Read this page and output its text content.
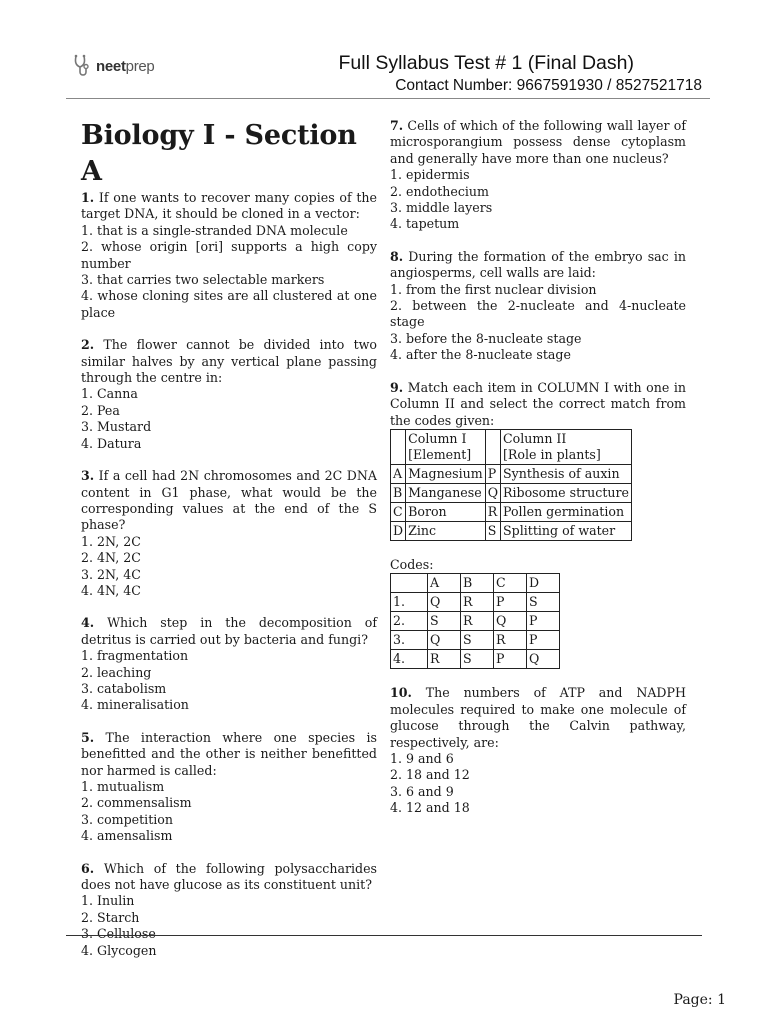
neetprep	Full Syllabus Test # 1 (Final Dash)
Contact Number: 9667591930 / 8527521718
Biology I - Section A
1. If one wants to recover many copies of the target DNA, it should be cloned in a vector:
1. that is a single-stranded DNA molecule
2. whose origin [ori] supports a high copy number
3. that carries two selectable markers
4. whose cloning sites are all clustered at one place
2. The flower cannot be divided into two similar halves by any vertical plane passing through the centre in:
1. Canna
2. Pea
3. Mustard
4. Datura
3. If a cell had 2N chromosomes and 2C DNA content in G1 phase, what would be the corresponding values at the end of the S phase?
1. 2N, 2C
2. 4N, 2C
3. 2N, 4C
4. 4N, 4C
4. Which step in the decomposition of detritus is carried out by bacteria and fungi?
1. fragmentation
2. leaching
3. catabolism
4. mineralisation
5. The interaction where one species is benefitted and the other is neither benefitted nor harmed is called:
1. mutualism
2. commensalism
3. competition
4. amensalism
6. Which of the following polysaccharides does not have glucose as its constituent unit?
1. Inulin
2. Starch
3. Cellulose
4. Glycogen
7. Cells of which of the following wall layer of microsporangium possess dense cytoplasm and generally have more than one nucleus?
1. epidermis
2. endothecium
3. middle layers
4. tapetum
8. During the formation of the embryo sac in angiosperms, cell walls are laid:
1. from the first nuclear division
2. between the 2-nucleate and 4-nucleate stage
3. before the 8-nucleate stage
4. after the 8-nucleate stage
9. Match each item in COLUMN I with one in Column II and select the correct match from the codes given:
	Column I
[Element]		Column II
[Role in plants]
A	Magnesium	P	Synthesis of auxin
B	Manganese	Q	Ribosome structure
C	Boron	R	Pollen germination
D	Zinc	S	Splitting of water
Codes:
	A	B	C	D
1.	Q	R	P	S
2.	S	R	Q	P
3.	Q	S	R	P
4.	R	S	P	Q
10. The numbers of ATP and NADPH molecules required to make one molecule of glucose through the Calvin pathway, respectively, are:
1. 9 and 6
2. 18 and 12
3. 6 and 9
4. 12 and 18
Page: 1
